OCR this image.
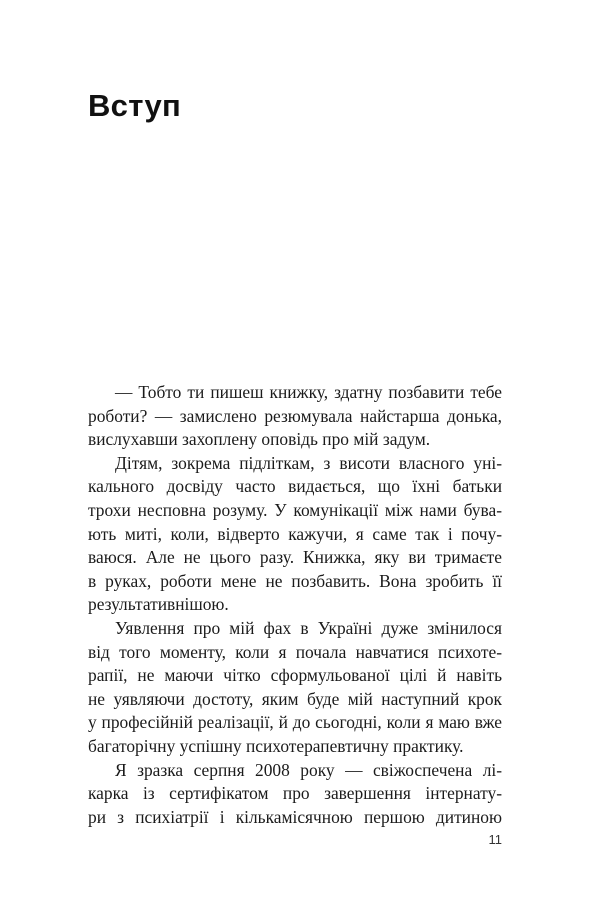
Вступ

— Тобто ти пишеш книжку, здатну позбавити тебе
роботи? — замислено резюмувала найстарша донька,
вислухавши захоплену оповідь про мій задум.

Дітям, зокрема підліткам, з висоти власного уні-
кального досвіду часто видається, що їхні батьки
трохи несповна розуму. У комунікації між нами бува-
ють миті, коли, відверто кажучи, я саме так і почу-
ваюся. Але не цього разу. Книжка, яку ви тримаєте
в руках, роботи мене не позбавить. Вона зробить її
результативнішою.

Уявлення про мій фах в Україні дуже змінилося
від того моменту, коли я почала навчатися психоте-
рапії, не маючи чітко сформульованої цілі й навіть
не уявляючи достоту, яким буде мій наступний крок
у професійній реалізації, й до сьогодні, коли я маю вже
багаторічну успішну психотерапевтичну практику.

Я зразка серпня 2008 року — свіжоспечена лі-
карка із сертифікатом про завершення інтернату-
ри з психіатрії і кількамісячною першою дитиною

11
